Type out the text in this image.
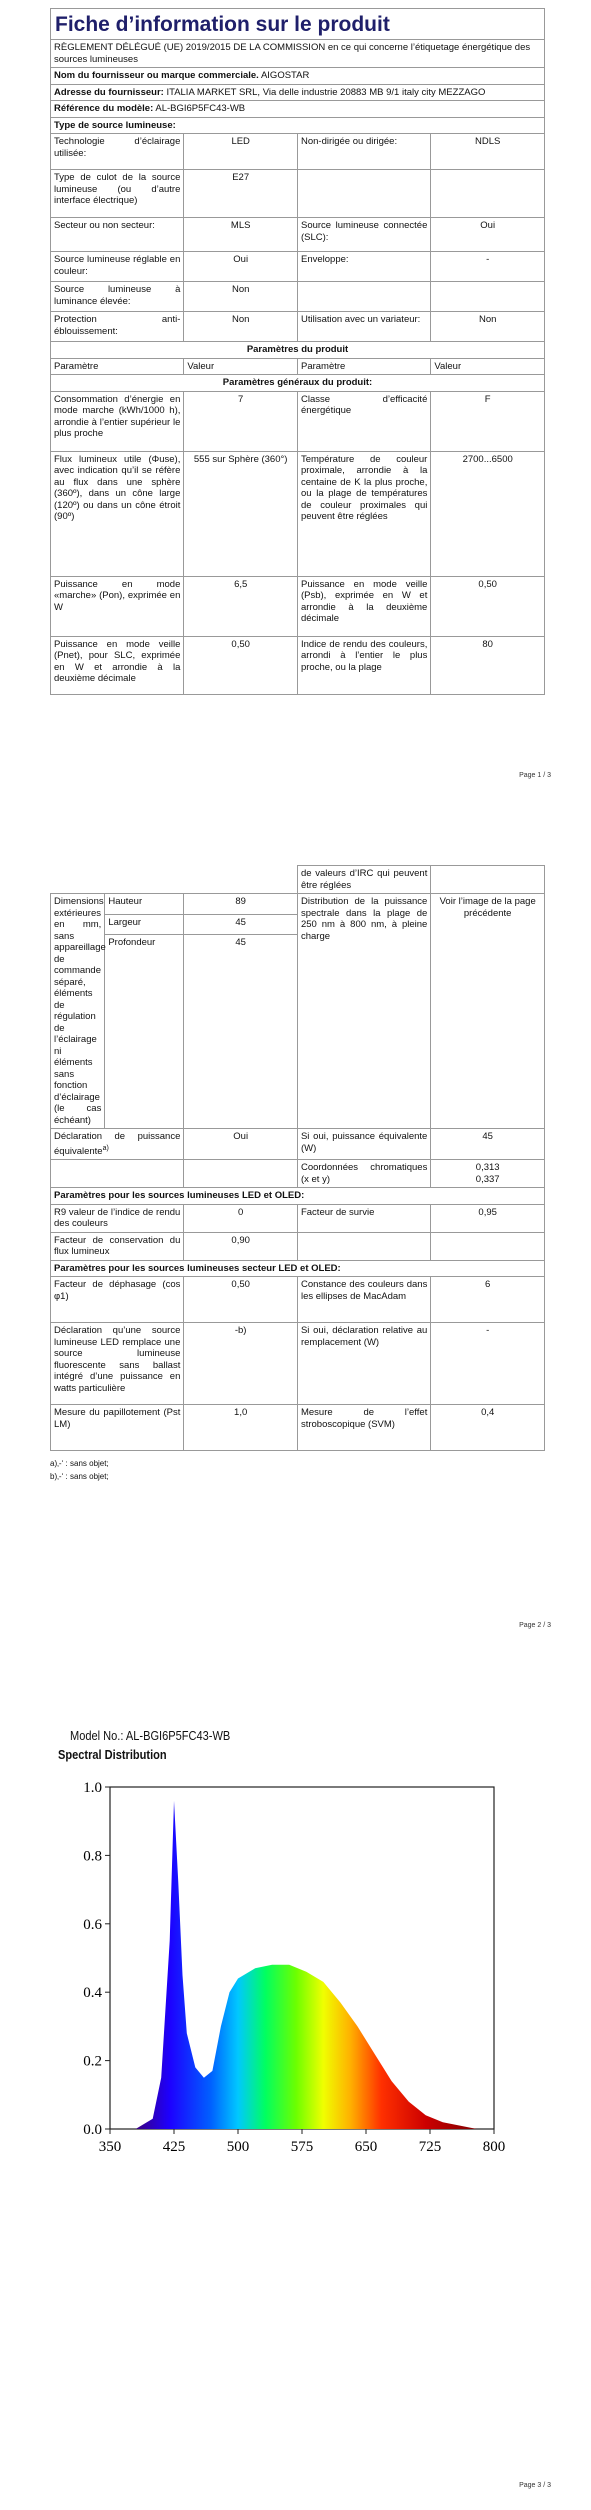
Fiche d’information sur le produit
RÈGLEMENT DÉLÉGUÉ (UE) 2019/2015 DE LA COMMISSION en ce qui concerne l’étiquetage énergétique des sources lumineuses			
Nom du fournisseur ou marque commerciale. AIGOSTAR			
Adresse du fournisseur: ITALIA MARKET SRL, Via delle industrie 20883 MB 9/1 italy city MEZZAGO			
Référence du modèle: AL-BGI6P5FC43-WB			
Type de source lumineuse:			
Technologie d’éclairage utilisée:	LED	Non-dirigée ou dirigée:	NDLS
Type de culot de la source lumineuse (ou d’autre interface électrique)	E27		
Secteur ou non secteur:	MLS	Source lumineuse connectée (SLC):	Oui
Source lumineuse réglable en couleur:	Oui	Enveloppe:	-
Source lumineuse à luminance élevée:	Non		
Protection anti-éblouissement:	Non	Utilisation avec un variateur:	Non
Paramètres du produit			
Paramètre	Valeur	Paramètre	Valeur
Paramètres généraux du produit:			
Consommation d’énergie en mode marche (kWh/1000 h), arrondie à l’entier supérieur le plus proche	7	Classe d’efficacité énergétique	F
Flux lumineux utile (Φuse), avec indication qu’il se réfère au flux dans une sphère (360º), dans un cône large (120º) ou dans un cône étroit (90º)	555 sur Sphère (360°)	Température de couleur proximale, arrondie à la centaine de K la plus proche, ou la plage de températures de couleur proximales qui peuvent être réglées	2700...6500
Puissance en mode «marche» (Pon), exprimée en W	6,5	Puissance en mode veille (Psb), exprimée en W et arrondie à la deuxième décimale	0,50
Puissance en mode veille (Pnet), pour SLC, exprimée en W et arrondie à la deuxième décimale	0,50	Indice de rendu des couleurs, arrondi à l’entier le plus proche, ou la plage	80
Page 1 / 3
			de valeurs d’IRC qui peuvent être réglées	
Dimensions extérieures en mm, sans appareillage de commande séparé, éléments de régulation de l’éclairage ni éléments sans fonction d’éclairage (le cas échéant)	Hauteur	89	Distribution de la puissance spectrale dans la plage de 250 nm à 800 nm, à pleine charge	Voir l’image de la page précédente
	Largeur	45		
	Profondeur	45		
Déclaration de puissance équivalente$^{a)}$		Oui	Si oui, puissance équivalente (W)	45
			Coordonnées chromatiques (x et y)	0,313
0,337

Paramètres pour les sources lumineuses LED et OLED:				
R9 valeur de l’indice de rendu des couleurs		0	Facteur de survie	0,95
Facteur de conservation du flux lumineux		0,90		
Paramètres pour les sources lumineuses secteur LED et OLED:				
Facteur de déphasage (cos φ1)		0,50	Constance des couleurs dans les ellipses de MacAdam	6
Déclaration qu’une source lumineuse LED remplace une source lumineuse fluorescente sans ballast intégré d’une puissance en watts particulière		-b)	Si oui, déclaration relative au remplacement (W)	-
Mesure du papillotement (Pst LM)		1,0	Mesure de l’effet stroboscopique (SVM)	0,4
a)‚-‘ : sans objet;
b)‚-‘ : sans objet;
Page 2 / 3
Model No.: AL-BGI6P5FC43-WB
Spectral Distribution
0.0
0.2
0.4
0.6
0.8
1.0
350	425	500	575	650	725	800
Page 3 / 3
